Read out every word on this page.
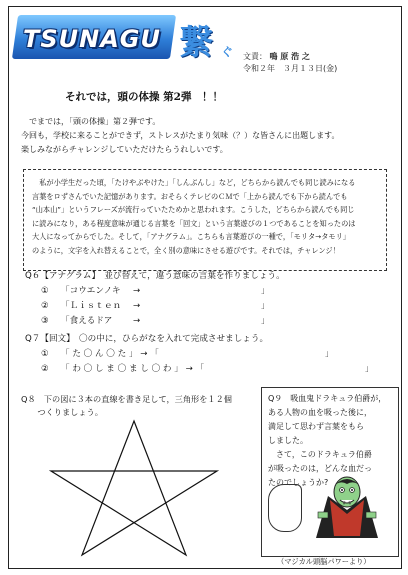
TSUNAGU 繋 ぐ 文責： 鳴 原 浩 之
令和２年　３月１３日(金)
それでは，頭の体操 第2弾　！！
　でまでは，「頭の体操」第２弾です。
今回も，学校に来ることができず，ストレスがたまり気味（？）な皆さんに出題します。
楽しみながらチャレンジしていただけたらうれしいです。
　私が小学生だった頃，「たけやぶやけた」「しんぶんし」など，どちらから読んでも同じ読みになる
言葉をロずさんでいた記憶があります。おそらくテレビのＣＭで「上から読んでも下から読んでも
“山本山”」というフレーズが流行っていたためかと思われます。こうした，どちらから読んでも同じ
に読みになり，ある程度意味が通じる言葉を「回文」という言葉遊びの１つであることを知ったのは
大人になってからでした。そして，「アナグラム」。こちらも言葉遊びの一種で，「モリタ→タモリ」
のように，文字を入れ替えることで，全く別の意味にさせる遊びです。それでは，チャレンジ！
Q６【アナグラム】　並び替えて，違う意味の言葉を作りましょう。
① 「コウエンノキ →	」
② 「Ｌｉｓｔｅｎ →	」
③ 「食えるドア →	」
Q７【回文】　〇の中に，ひらがなを入れて完成させましょう。
① 「 た 〇 ん 〇 た 」 → 「	」
② 「 わ 〇 し ま 〇 ま し 〇 わ 」 → 「	」
Q８　下の図に３本の直線を書き足して，三角形を１２個
　　つくりましょう。
Q９　吸血鬼ドラキュラ伯爵が，
ある人物の血を吸った後に，
満足して思わず言葉をもら
しました。
　さて，このドラキュラ伯爵
が吸ったのは，どんな血だっ
たのでしょうか?
（マジカル頭脳パワーより）
